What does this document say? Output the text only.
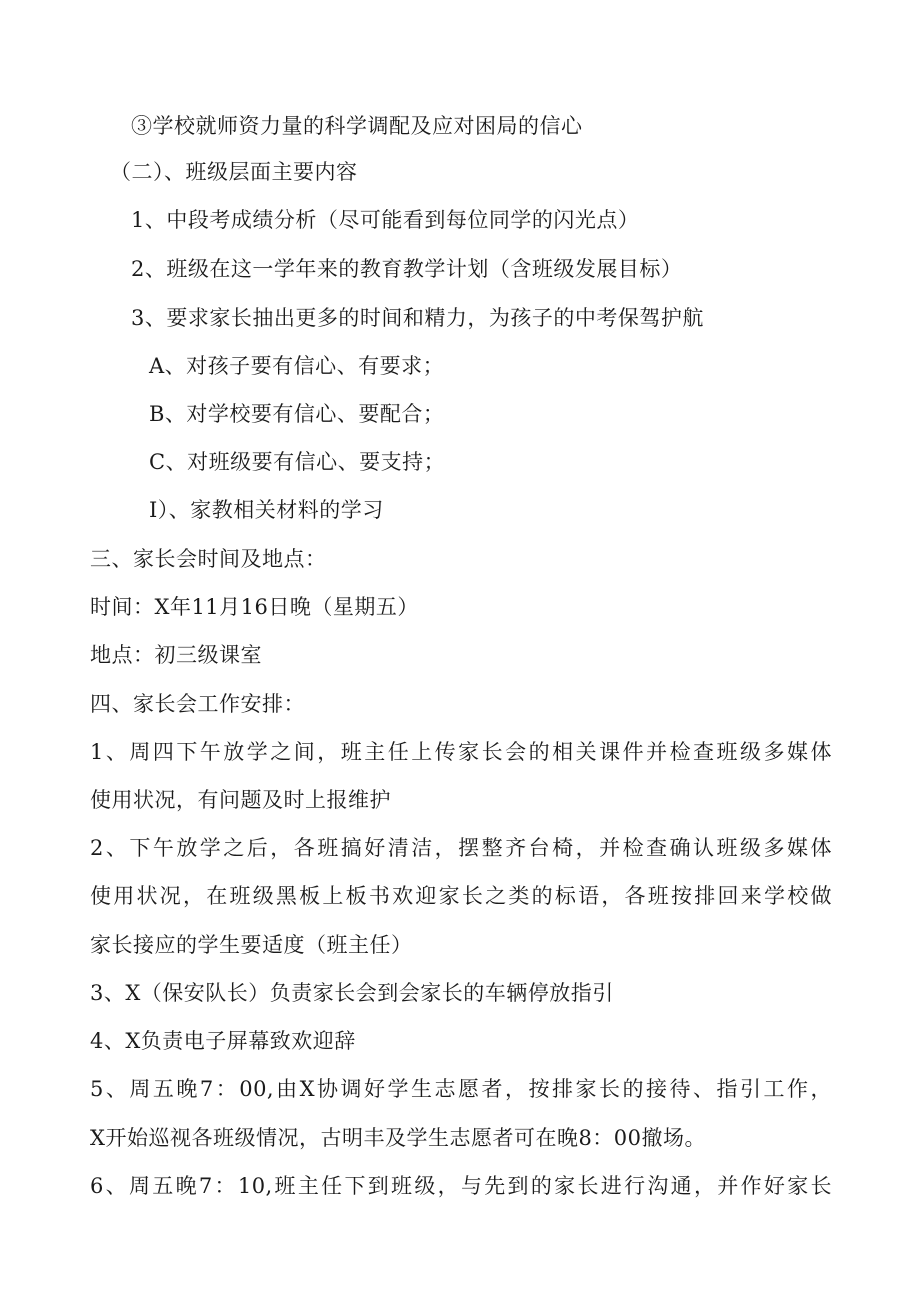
③学校就师资力量的科学调配及应对困局的信心
（二）、班级层面主要内容
1、中段考成绩分析（尽可能看到每位同学的闪光点）
2、班级在这一学年来的教育教学计划（含班级发展目标）
3、要求家长抽出更多的时间和精力，为孩子的中考保驾护航
A、对孩子要有信心、有要求；
B、对学校要有信心、要配合；
C、对班级要有信心、要支持；
I）、家教相关材料的学习
三、家长会时间及地点：
时间：X年11月16日晚（星期五）
地点：初三级课室
四、家长会工作安排：
1、周四下午放学之间，班主任上传家长会的相关课件并检查班级多媒体
使用状况，有问题及时上报维护
2、下午放学之后，各班搞好清洁，摆整齐台椅，并检查确认班级多媒体
使用状况，在班级黑板上板书欢迎家长之类的标语，各班按排回来学校做
家长接应的学生要适度（班主任）
3、X（保安队长）负责家长会到会家长的车辆停放指引
4、X负责电子屏幕致欢迎辞
5、周五晚7：00,由X协调好学生志愿者，按排家长的接待、指引工作，
X开始巡视各班级情况，古明丰及学生志愿者可在晚8：00撤场。
6、周五晚7：10,班主任下到班级，与先到的家长进行沟通，并作好家长
